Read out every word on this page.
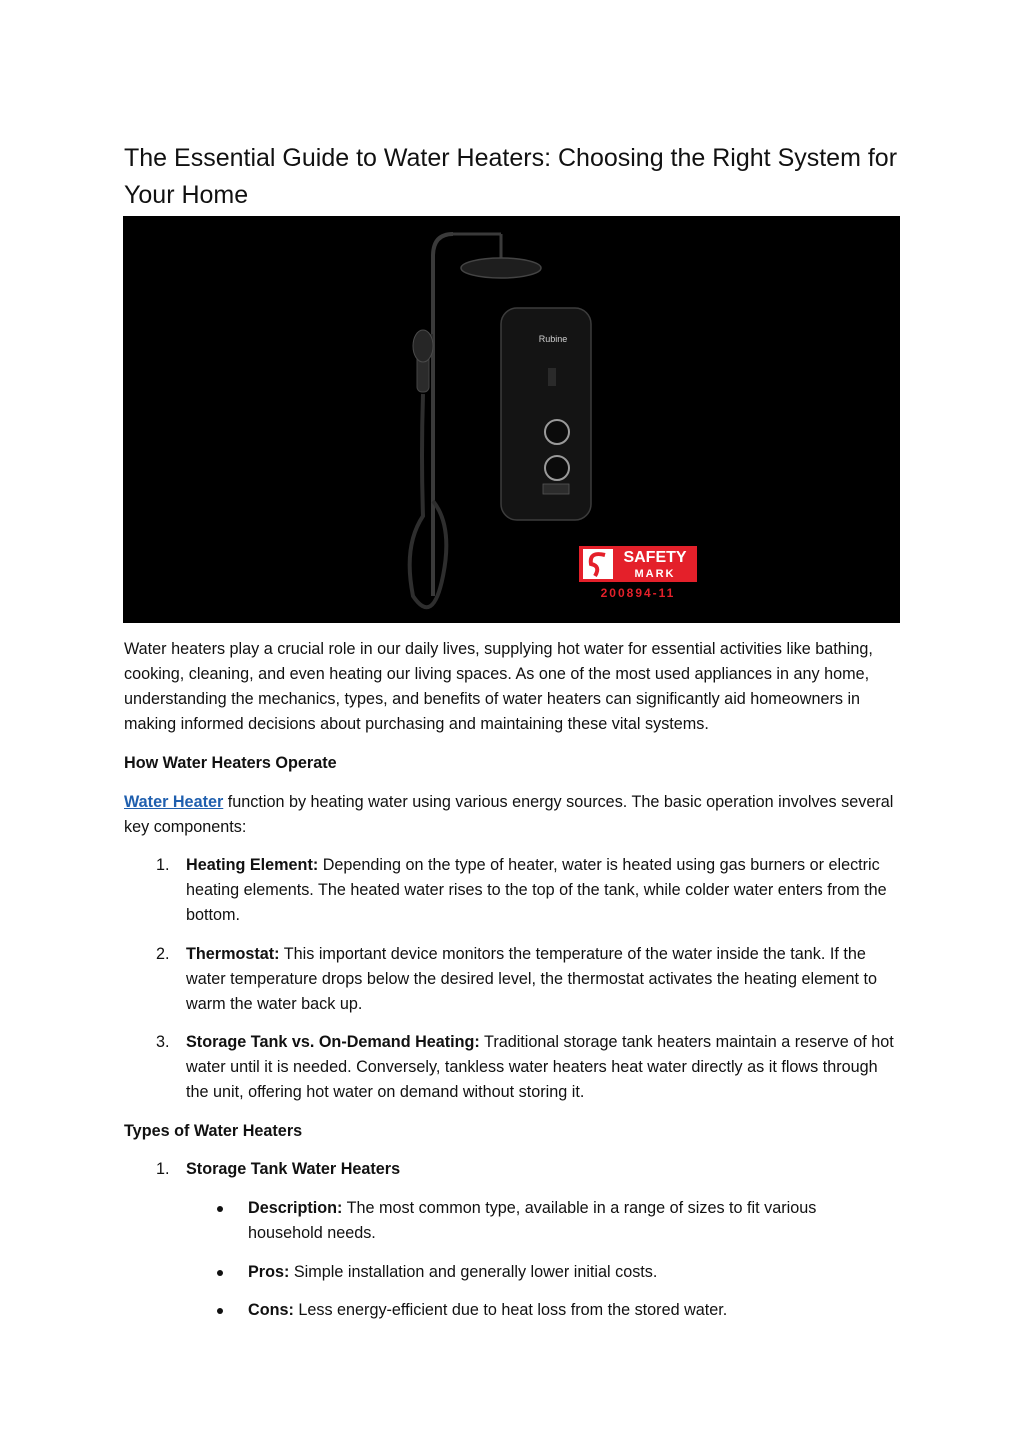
The Essential Guide to Water Heaters: Choosing the Right System for Your Home
Rubine
SAFETY
MARK
200894-11

Water heaters play a crucial role in our daily lives, supplying hot water for essential activities like bathing, cooking, cleaning, and even heating our living spaces. As one of the most used appliances in any home, understanding the mechanics, types, and benefits of water heaters can significantly aid homeowners in making informed decisions about purchasing and maintaining these vital systems.

How Water Heaters Operate

Water Heater function by heating water using various energy sources. The basic operation involves several key components:

1. Heating Element: Depending on the type of heater, water is heated using gas burners or electric heating elements. The heated water rises to the top of the tank, while colder water enters from the bottom.
2. Thermostat: This important device monitors the temperature of the water inside the tank. If the water temperature drops below the desired level, the thermostat activates the heating element to warm the water back up.
3. Storage Tank vs. On-Demand Heating: Traditional storage tank heaters maintain a reserve of hot water until it is needed. Conversely, tankless water heaters heat water directly as it flows through the unit, offering hot water on demand without storing it.

Types of Water Heaters

1. Storage Tank Water Heaters
Description: The most common type, available in a range of sizes to fit various household needs.
Pros: Simple installation and generally lower initial costs.
Cons: Less energy-efficient due to heat loss from the stored water.
